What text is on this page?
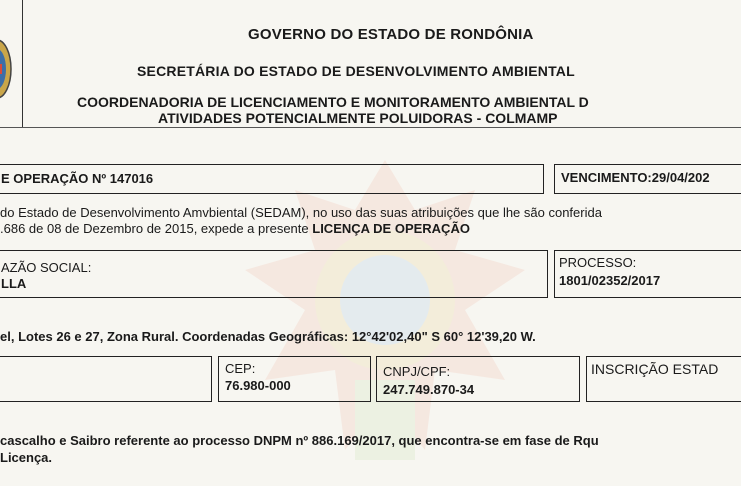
GOVERNO DO ESTADO DE RONDÔNIA
SECRETÁRIA DO ESTADO DE DESENVOLVIMENTO AMBIENTAL
COORDENADORIA DE LICENCIAMENTO E MONITORAMENTO AMBIENTAL D
ATIVIDADES POTENCIALMENTE POLUIDORAS - COLMAMP
E OPERAÇÃO Nº 147016	VENCIMENTO:29/04/202
do Estado de Desenvolvimento Amvbiental (SEDAM), no uso das suas atribuições que lhe são conferida
.686 de 08 de Dezembro de 2015, expede a presente LICENÇA DE OPERAÇÃO
AZÃO SOCIAL:
LLA
PROCESSO:
1801/02352/2017
el, Lotes 26 e 27, Zona Rural. Coordenadas Geográficas: 12°42'02,40" S 60° 12'39,20 W.
CEP:
76.980-000
CNPJ/CPF:
247.749.870-34
INSCRIÇÃO ESTAD
cascalho e Saibro referente ao processo DNPM nº 886.169/2017, que encontra-se em fase de Rqu
Licença.
